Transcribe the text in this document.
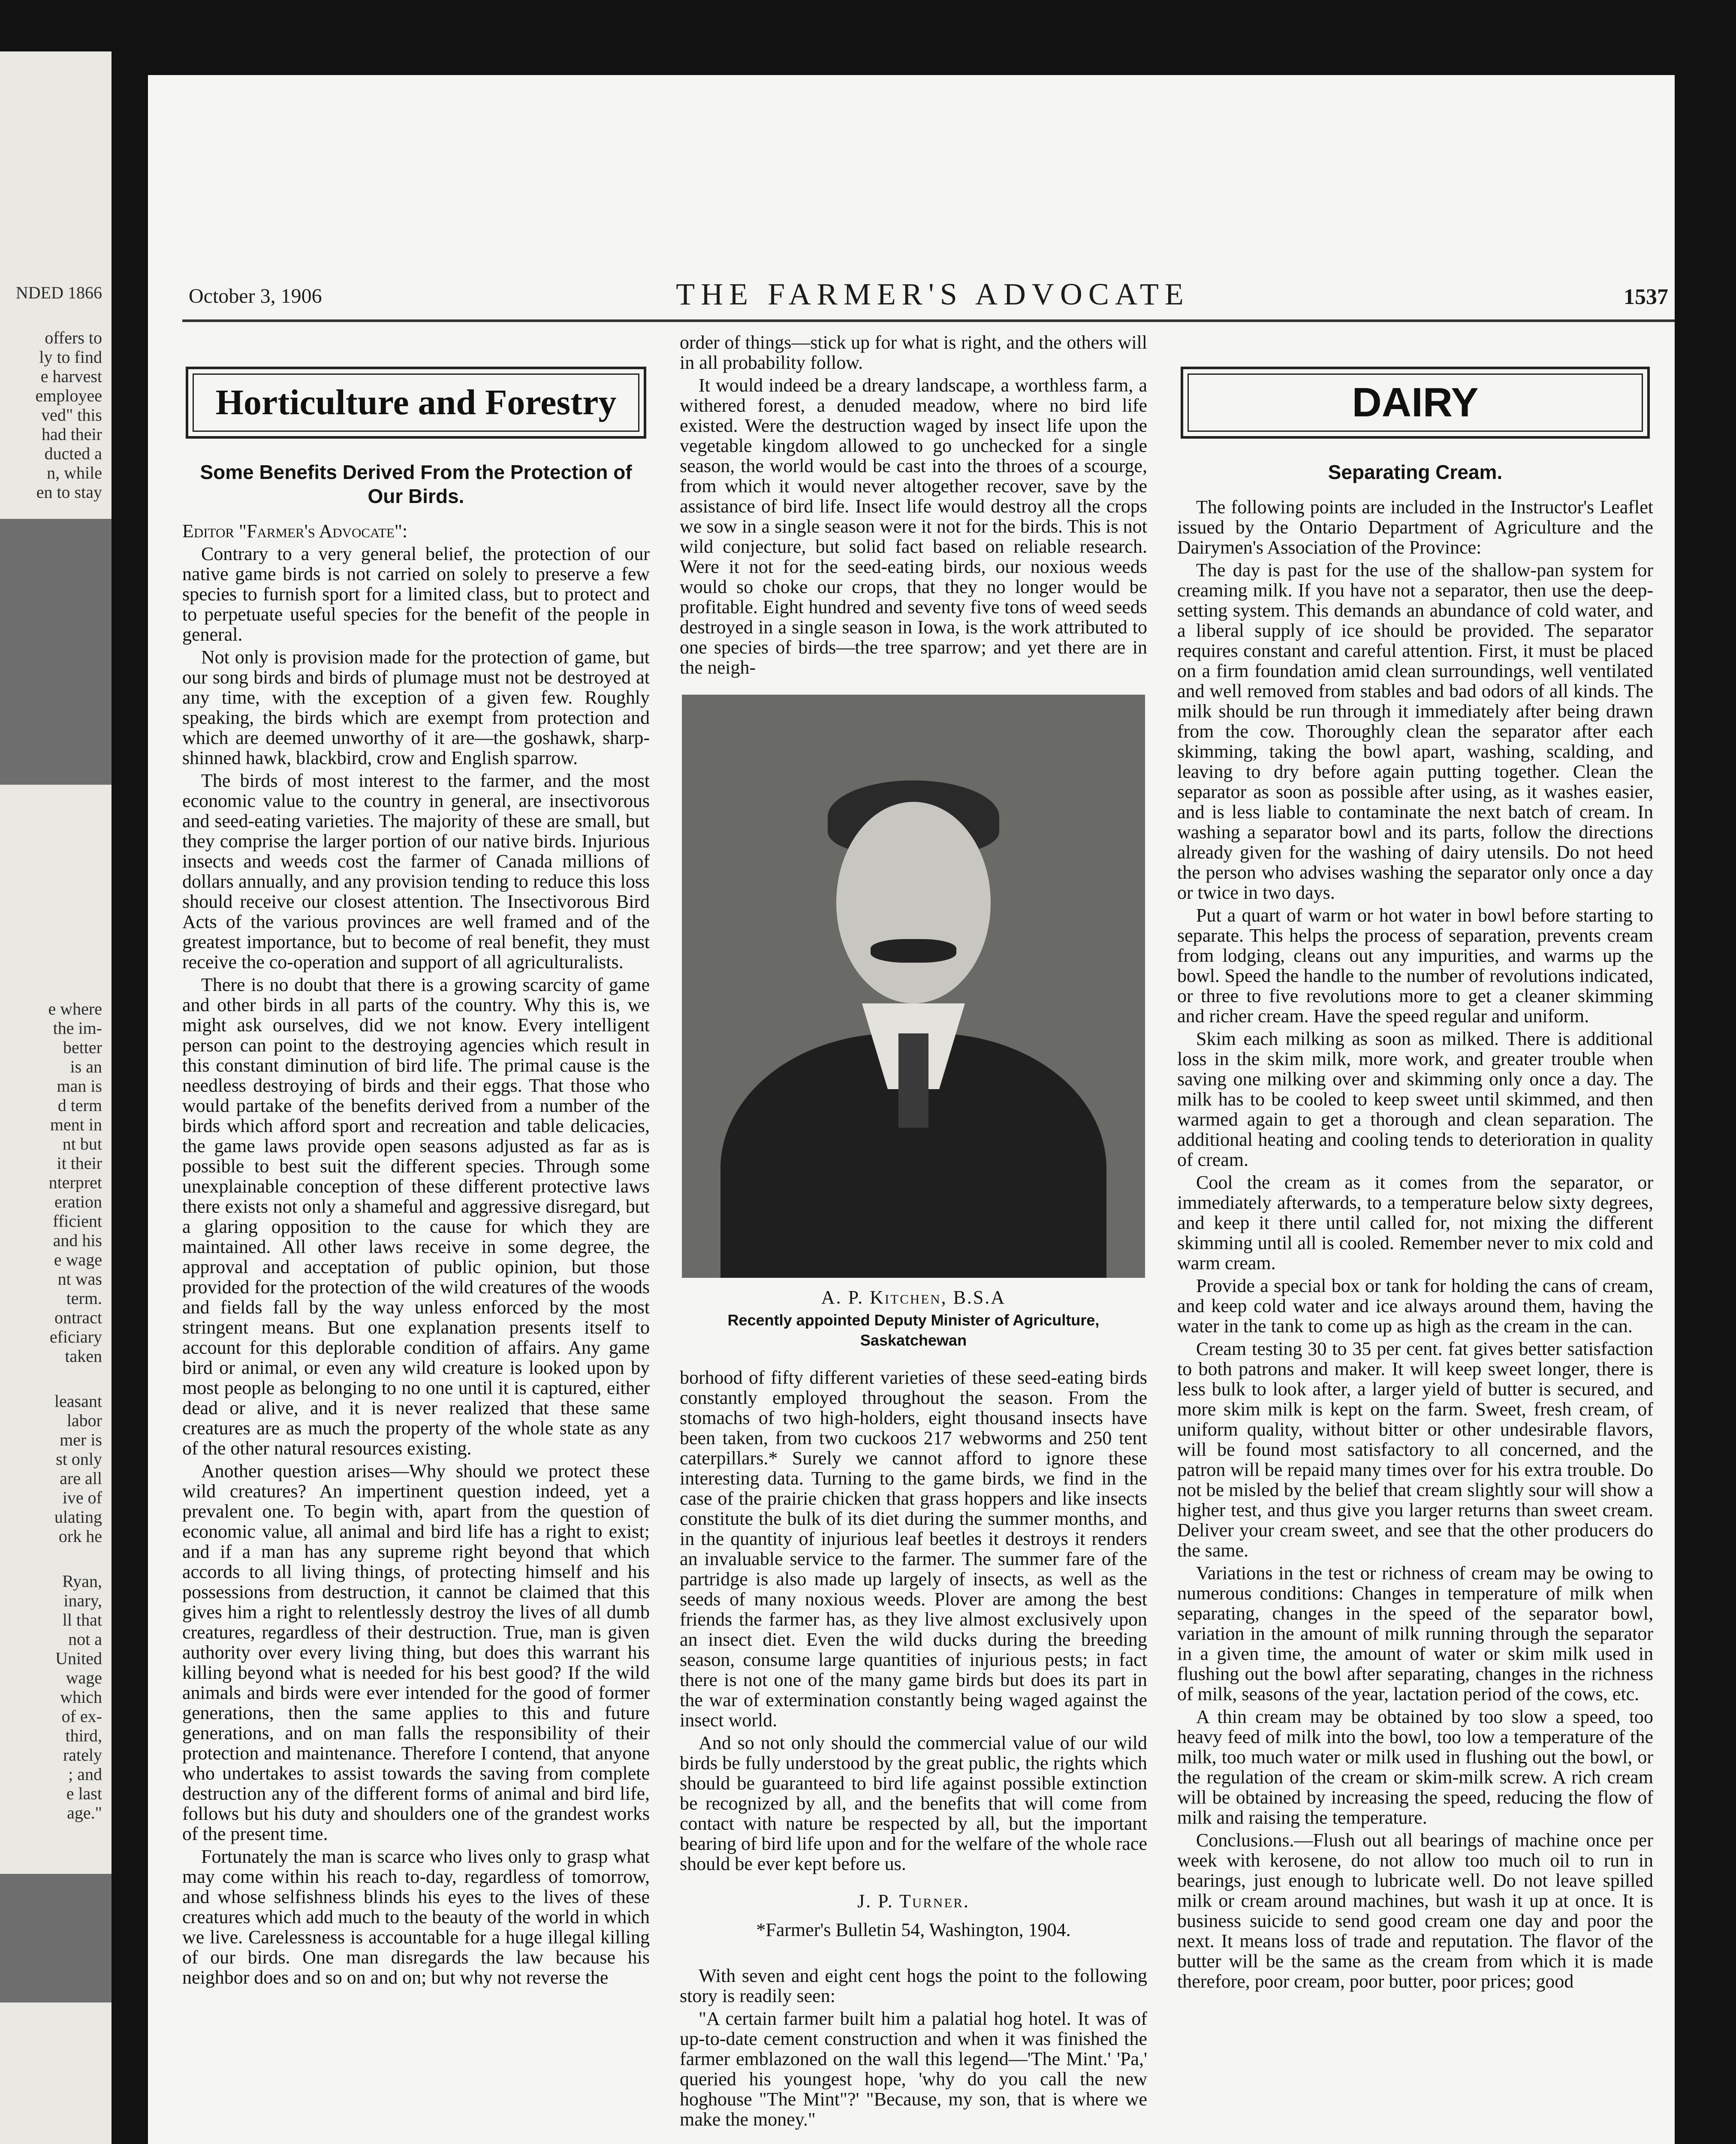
NDED 1866
offers to
ly to find
e harvest
employee
ved" this
had their
ducted a
n, while
en to stay
e where
the im-
better
is an
man is
d term
ment in
nt but
it their
nterpret
eration
fficient
and his
e wage
nt was
term.
ontract
eficiary
taken
leasant
labor
mer is
st only
are all
ive of
ulating
ork he
Ryan,
inary,
ll that
not a
United
wage
which
of ex-
third,
rately
; and
e last
age."
October 3, 1906	THE FARMER'S ADVOCATE	1537
Horticulture and Forestry
Some Benefits Derived From the Protection of Our Birds.

Editor "Farmer's Advocate":

Contrary to a very general belief, the protection of our native game birds is not carried on solely to preserve a few species to furnish sport for a limited class, but to protect and to perpetuate useful species for the benefit of the people in general.

Not only is provision made for the protection of game, but our song birds and birds of plumage must not be destroyed at any time, with the exception of a given few. Roughly speaking, the birds which are exempt from protection and which are deemed unworthy of it are—the goshawk, sharp-shinned hawk, blackbird, crow and English sparrow.

The birds of most interest to the farmer, and the most economic value to the country in general, are insectivorous and seed-eating varieties. The majority of these are small, but they comprise the larger portion of our native birds. Injurious insects and weeds cost the farmer of Canada millions of dollars annually, and any provision tending to reduce this loss should receive our closest attention. The Insectivorous Bird Acts of the various provinces are well framed and of the greatest importance, but to become of real benefit, they must receive the co-operation and support of all agriculturalists.

There is no doubt that there is a growing scarcity of game and other birds in all parts of the country. Why this is, we might ask ourselves, did we not know. Every intelligent person can point to the destroying agencies which result in this constant diminution of bird life. The primal cause is the needless destroying of birds and their eggs. That those who would partake of the benefits derived from a number of the birds which afford sport and recreation and table delicacies, the game laws provide open seasons adjusted as far as is possible to best suit the different species. Through some unexplainable conception of these different protective laws there exists not only a shameful and aggressive disregard, but a glaring opposition to the cause for which they are maintained. All other laws receive in some degree, the approval and acceptation of public opinion, but those provided for the protection of the wild creatures of the woods and fields fall by the way unless enforced by the most stringent means. But one explanation presents itself to account for this deplorable condition of affairs. Any game bird or animal, or even any wild creature is looked upon by most people as belonging to no one until it is captured, either dead or alive, and it is never realized that these same creatures are as much the property of the whole state as any of the other natural resources existing.

Another question arises—Why should we protect these wild creatures? An impertinent question indeed, yet a prevalent one. To begin with, apart from the question of economic value, all animal and bird life has a right to exist; and if a man has any supreme right beyond that which accords to all living things, of protecting himself and his possessions from destruction, it cannot be claimed that this gives him a right to relentlessly destroy the lives of all dumb creatures, regardless of their destruction. True, man is given authority over every living thing, but does this warrant his killing beyond what is needed for his best good? If the wild animals and birds were ever intended for the good of former generations, then the same applies to this and future generations, and on man falls the responsibility of their protection and maintenance. Therefore I contend, that anyone who undertakes to assist towards the saving from complete destruction any of the different forms of animal and bird life, follows but his duty and shoulders one of the grandest works of the present time.

Fortunately the man is scarce who lives only to grasp what may come within his reach to-day, regardless of tomorrow, and whose selfishness blinds his eyes to the lives of these creatures which add much to the beauty of the world in which we live. Carelessness is accountable for a huge illegal killing of our birds. One man disregards the law because his neighbor does and so on and on; but why not reverse the

order of things—stick up for what is right, and the others will in all probability follow.

It would indeed be a dreary landscape, a worthless farm, a withered forest, a denuded meadow, where no bird life existed. Were the destruction waged by insect life upon the vegetable kingdom allowed to go unchecked for a single season, the world would be cast into the throes of a scourge, from which it would never altogether recover, save by the assistance of bird life. Insect life would destroy all the crops we sow in a single season were it not for the birds. This is not wild conjecture, but solid fact based on reliable research. Were it not for the seed-eating birds, our noxious weeds would so choke our crops, that they no longer would be profitable. Eight hundred and seventy five tons of weed seeds destroyed in a single season in Iowa, is the work attributed to one species of birds—the tree sparrow; and yet there are in the neigh-

A. P. Kitchen, B.S.A
Recently appointed Deputy Minister of Agriculture, Saskatchewan

borhood of fifty different varieties of these seed-eating birds constantly employed throughout the season. From the stomachs of two high-holders, eight thousand insects have been taken, from two cuckoos 217 webworms and 250 tent caterpillars.* Surely we cannot afford to ignore these interesting data. Turning to the game birds, we find in the case of the prairie chicken that grass hoppers and like insects constitute the bulk of its diet during the summer months, and in the quantity of injurious leaf beetles it destroys it renders an invaluable service to the farmer. The summer fare of the partridge is also made up largely of insects, as well as the seeds of many noxious weeds. Plover are among the best friends the farmer has, as they live almost exclusively upon an insect diet. Even the wild ducks during the breeding season, consume large quantities of injurious pests; in fact there is not one of the many game birds but does its part in the war of extermination constantly being waged against the insect world.

And so not only should the commercial value of our wild birds be fully understood by the great public, the rights which should be guaranteed to bird life against possible extinction be recognized by all, and the benefits that will come from contact with nature be respected by all, but the important bearing of bird life upon and for the welfare of the whole race should be ever kept before us.

J. P. Turner.
*Farmer's Bulletin 54, Washington, 1904.

With seven and eight cent hogs the point to the following story is readily seen:

"A certain farmer built him a palatial hog hotel. It was of up-to-date cement construction and when it was finished the farmer emblazoned on the wall this legend—'The Mint.' 'Pa,' queried his youngest hope, 'why do you call the new hoghouse "The Mint"?' "Because, my son, that is where we make the money."

DAIRY
Separating Cream.

The following points are included in the Instructor's Leaflet issued by the Ontario Department of Agriculture and the Dairymen's Association of the Province:

The day is past for the use of the shallow-pan system for creaming milk. If you have not a separator, then use the deep-setting system. This demands an abundance of cold water, and a liberal supply of ice should be provided. The separator requires constant and careful attention. First, it must be placed on a firm foundation amid clean surroundings, well ventilated and well removed from stables and bad odors of all kinds. The milk should be run through it immediately after being drawn from the cow. Thoroughly clean the separator after each skimming, taking the bowl apart, washing, scalding, and leaving to dry before again putting together. Clean the separator as soon as possible after using, as it washes easier, and is less liable to contaminate the next batch of cream. In washing a separator bowl and its parts, follow the directions already given for the washing of dairy utensils. Do not heed the person who advises washing the separator only once a day or twice in two days.

Put a quart of warm or hot water in bowl before starting to separate. This helps the process of separation, prevents cream from lodging, cleans out any impurities, and warms up the bowl. Speed the handle to the number of revolutions indicated, or three to five revolutions more to get a cleaner skimming and richer cream. Have the speed regular and uniform.

Skim each milking as soon as milked. There is additional loss in the skim milk, more work, and greater trouble when saving one milking over and skimming only once a day. The milk has to be cooled to keep sweet until skimmed, and then warmed again to get a thorough and clean separation. The additional heating and cooling tends to deterioration in quality of cream.

Cool the cream as it comes from the separator, or immediately afterwards, to a temperature below sixty degrees, and keep it there until called for, not mixing the different skimming until all is cooled. Remember never to mix cold and warm cream.

Provide a special box or tank for holding the cans of cream, and keep cold water and ice always around them, having the water in the tank to come up as high as the cream in the can.

Cream testing 30 to 35 per cent. fat gives better satisfaction to both patrons and maker. It will keep sweet longer, there is less bulk to look after, a larger yield of butter is secured, and more skim milk is kept on the farm. Sweet, fresh cream, of uniform quality, without bitter or other undesirable flavors, will be found most satisfactory to all concerned, and the patron will be repaid many times over for his extra trouble. Do not be misled by the belief that cream slightly sour will show a higher test, and thus give you larger returns than sweet cream. Deliver your cream sweet, and see that the other producers do the same.

Variations in the test or richness of cream may be owing to numerous conditions: Changes in temperature of milk when separating, changes in the speed of the separator bowl, variation in the amount of milk running through the separator in a given time, the amount of water or skim milk used in flushing out the bowl after separating, changes in the richness of milk, seasons of the year, lactation period of the cows, etc.

A thin cream may be obtained by too slow a speed, too heavy feed of milk into the bowl, too low a temperature of the milk, too much water or milk used in flushing out the bowl, or the regulation of the cream or skim-milk screw. A rich cream will be obtained by increasing the speed, reducing the flow of milk and raising the temperature.

Conclusions.—Flush out all bearings of machine once per week with kerosene, do not allow too much oil to run in bearings, just enough to lubricate well. Do not leave spilled milk or cream around machines, but wash it up at once. It is business suicide to send good cream one day and poor the next. It means loss of trade and reputation. The flavor of the butter will be the same as the cream from which it is made therefore, poor cream, poor butter, poor prices; good
